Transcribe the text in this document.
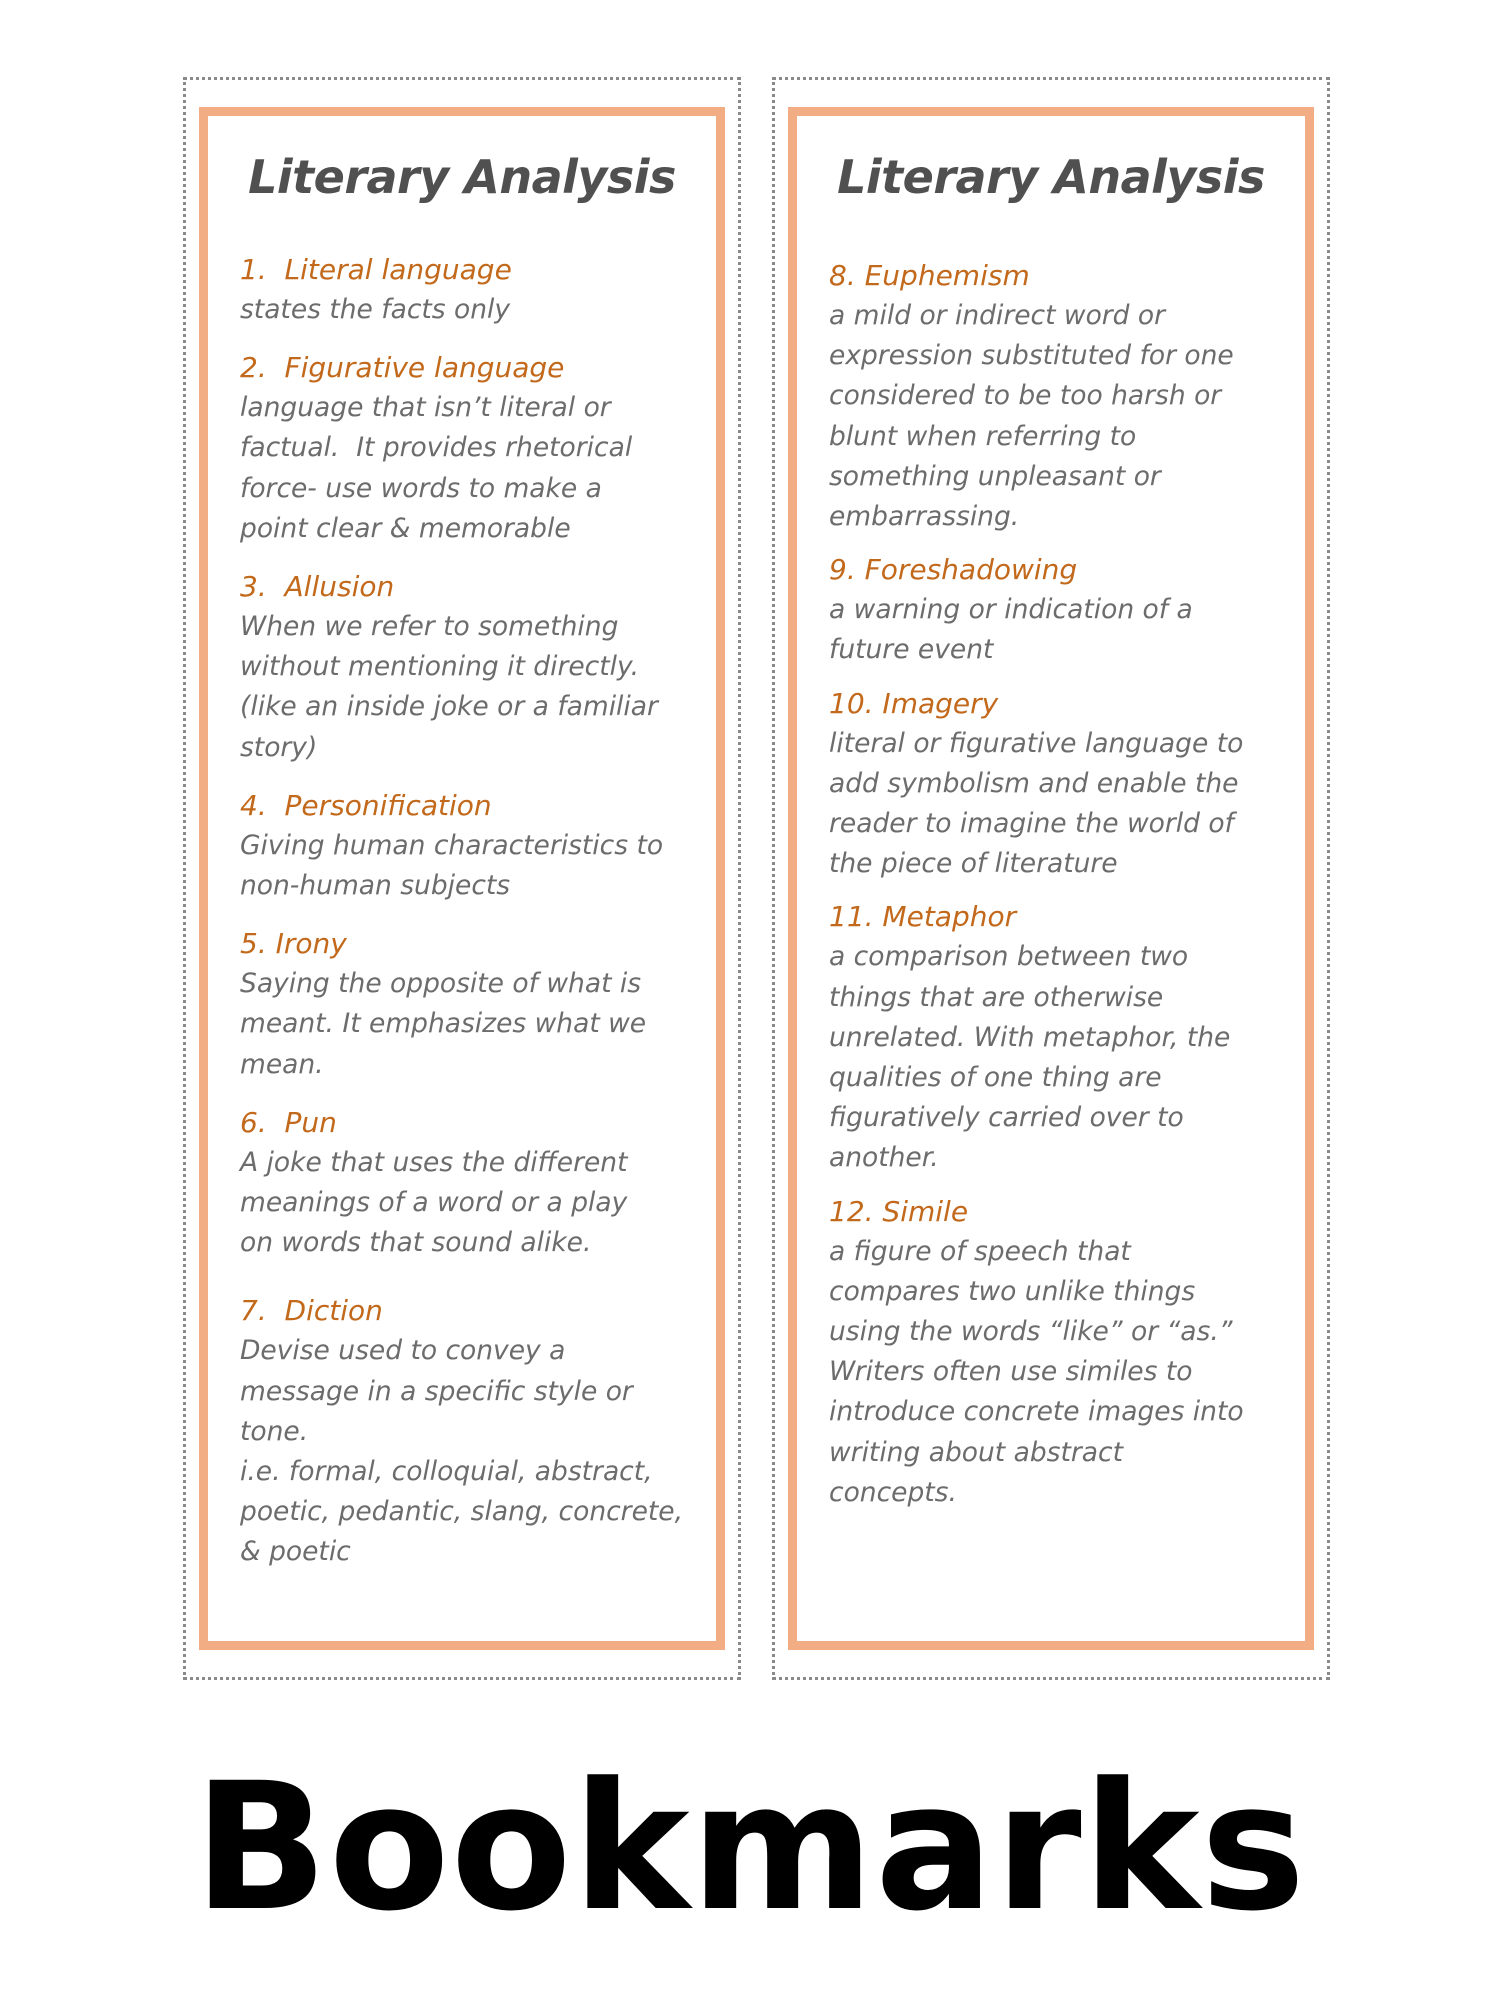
Literary Analysis
1.  Literal language
states the facts only
2.  Figurative language
language that isn’t literal or
factual.  It provides rhetorical
force- use words to make a
point clear & memorable
3.  Allusion
When we refer to something
without mentioning it directly.
(like an inside joke or a familiar
story)
4.  Personification
Giving human characteristics to
non-human subjects
5. Irony
Saying the opposite of what is
meant. It emphasizes what we
mean.
6.  Pun
A joke that uses the different
meanings of a word or a play
on words that sound alike.
7.  Diction
Devise used to convey a
message in a specific style or
tone.
i.e. formal, colloquial, abstract,
poetic, pedantic, slang, concrete,
& poetic
Literary Analysis
8. Euphemism
a mild or indirect word or
expression substituted for one
considered to be too harsh or
blunt when referring to
something unpleasant or
embarrassing.
9. Foreshadowing
a warning or indication of a
future event
10. Imagery
literal or figurative language to
add symbolism and enable the
reader to imagine the world of
the piece of literature
11. Metaphor
a comparison between two
things that are otherwise
unrelated. With metaphor, the
qualities of one thing are
figuratively carried over to
another.
12. Simile
a figure of speech that
compares two unlike things
using the words “like” or “as.”
Writers often use similes to
introduce concrete images into
writing about abstract
concepts.
Bookmarks
